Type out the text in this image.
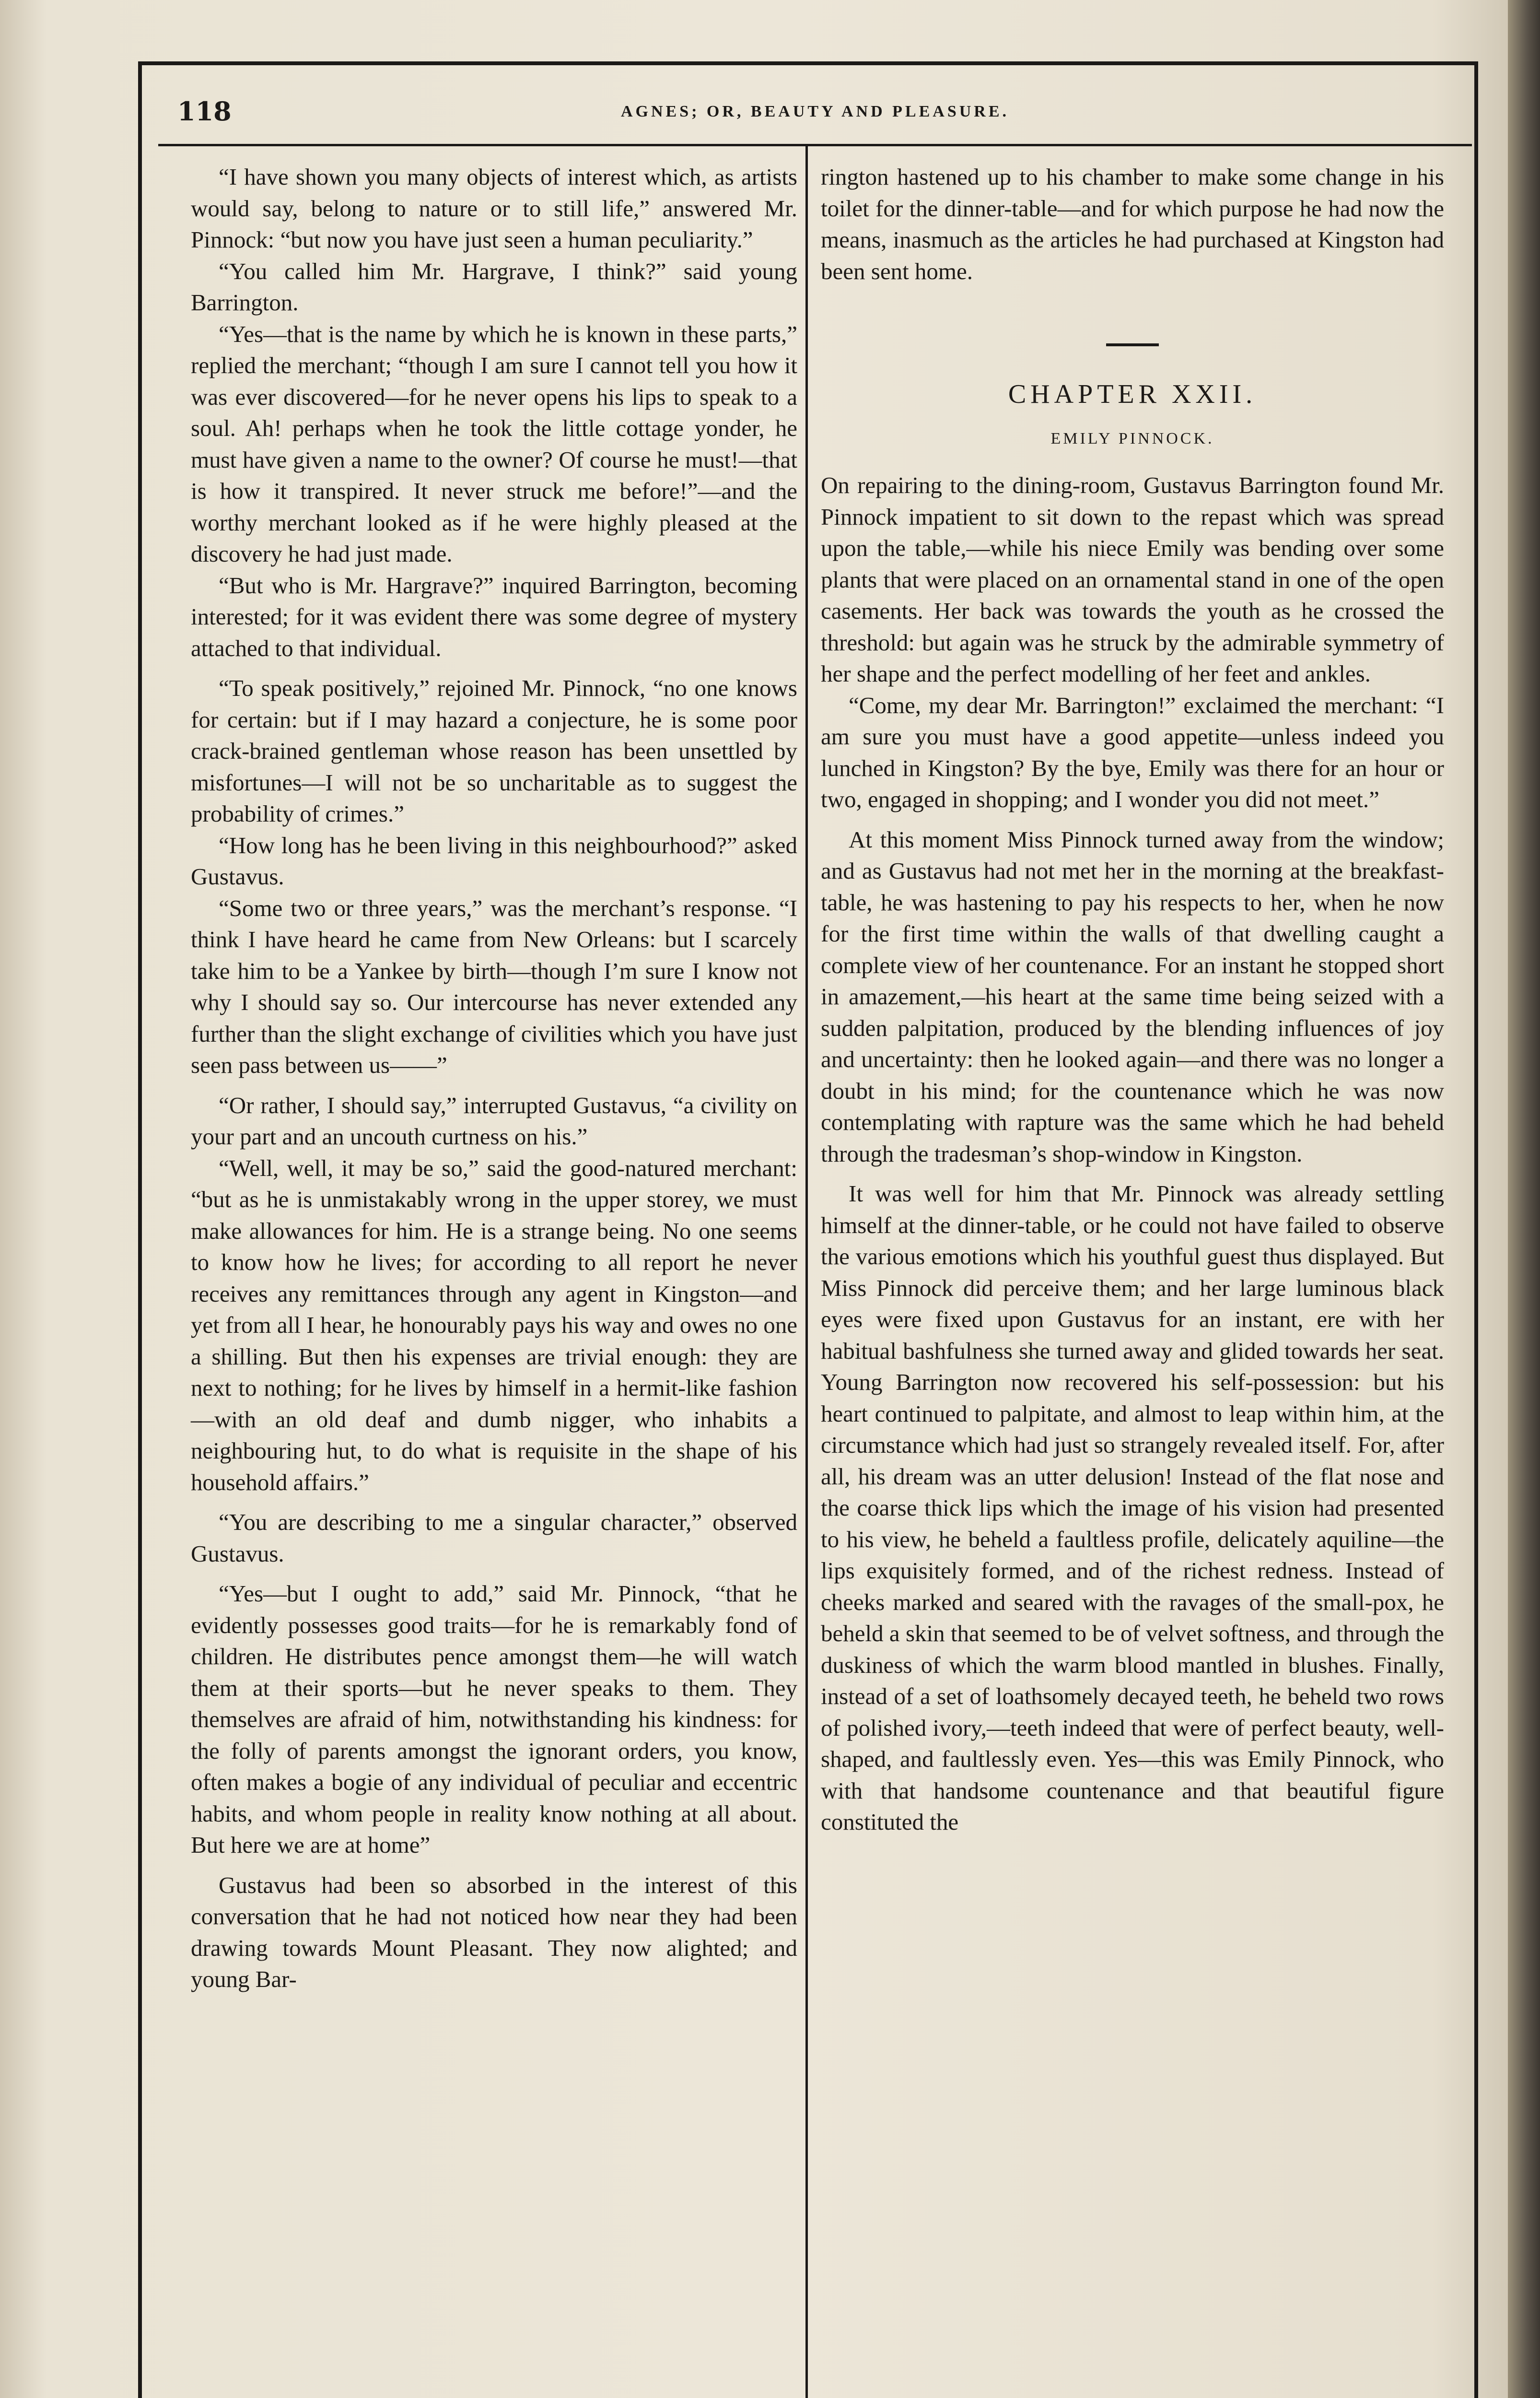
118	AGNES; OR, BEAUTY AND PLEASURE.

“I have shown you many objects of interest which, as artists would say, belong to nature or to still life,” answered Mr. Pinnock: “but now you have just seen a human peculiarity.”

“You called him Mr. Hargrave, I think?” said young Barrington.

“Yes—that is the name by which he is known in these parts,” replied the merchant; “though I am sure I cannot tell you how it was ever discovered—for he never opens his lips to speak to a soul. Ah! perhaps when he took the little cottage yonder, he must have given a name to the owner? Of course he must!—that is how it transpired. It never struck me before!”—and the worthy merchant looked as if he were highly pleased at the discovery he had just made.

“But who is Mr. Hargrave?” inquired Barrington, becoming interested; for it was evident there was some degree of mystery attached to that individual.

“To speak positively,” rejoined Mr. Pinnock, “no one knows for certain: but if I may hazard a conjecture, he is some poor crack-brained gentleman whose reason has been unsettled by misfortunes—I will not be so uncharitable as to suggest the probability of crimes.”

“How long has he been living in this neighbourhood?” asked Gustavus.

“Some two or three years,” was the merchant’s response. “I think I have heard he came from New Orleans: but I scarcely take him to be a Yankee by birth—though I’m sure I know not why I should say so. Our intercourse has never extended any further than the slight exchange of civilities which you have just seen pass between us——”

“Or rather, I should say,” interrupted Gustavus, “a civility on your part and an uncouth curtness on his.”

“Well, well, it may be so,” said the good-natured merchant: “but as he is unmistakably wrong in the upper storey, we must make allowances for him. He is a strange being. No one seems to know how he lives; for according to all report he never receives any remittances through any agent in Kingston—and yet from all I hear, he honourably pays his way and owes no one a shilling. But then his expenses are trivial enough: they are next to nothing; for he lives by himself in a hermit-like fashion—with an old deaf and dumb nigger, who inhabits a neighbouring hut, to do what is requisite in the shape of his household affairs.”

“You are describing to me a singular character,” observed Gustavus.

“Yes—but I ought to add,” said Mr. Pinnock, “that he evidently possesses good traits—for he is remarkably fond of children. He distributes pence amongst them—he will watch them at their sports—but he never speaks to them. They themselves are afraid of him, notwithstanding his kindness: for the folly of parents amongst the ignorant orders, you know, often makes a bogie of any individual of peculiar and eccentric habits, and whom people in reality know nothing at all about. But here we are at home”

Gustavus had been so absorbed in the interest of this conversation that he had not noticed how near they had been drawing towards Mount Pleasant. They now alighted; and young Bar-

rington hastened up to his chamber to make some change in his toilet for the dinner-table—and for which purpose he had now the means, inasmuch as the articles he had purchased at Kingston had been sent home.

CHAPTER XXII.
EMILY PINNOCK.

On repairing to the dining-room, Gustavus Barrington found Mr. Pinnock impatient to sit down to the repast which was spread upon the table,—while his niece Emily was bending over some plants that were placed on an ornamental stand in one of the open casements. Her back was towards the youth as he crossed the threshold: but again was he struck by the admirable symmetry of her shape and the perfect modelling of her feet and ankles.

“Come, my dear Mr. Barrington!” exclaimed the merchant: “I am sure you must have a good appetite—unless indeed you lunched in Kingston? By the bye, Emily was there for an hour or two, engaged in shopping; and I wonder you did not meet.”

At this moment Miss Pinnock turned away from the window; and as Gustavus had not met her in the morning at the breakfast-table, he was hastening to pay his respects to her, when he now for the first time within the walls of that dwelling caught a complete view of her countenance. For an instant he stopped short in amazement,—his heart at the same time being seized with a sudden palpitation, produced by the blending influences of joy and uncertainty: then he looked again—and there was no longer a doubt in his mind; for the countenance which he was now contemplating with rapture was the same which he had beheld through the tradesman’s shop-window in Kingston.

It was well for him that Mr. Pinnock was already settling himself at the dinner-table, or he could not have failed to observe the various emotions which his youthful guest thus displayed. But Miss Pinnock did perceive them; and her large luminous black eyes were fixed upon Gustavus for an instant, ere with her habitual bashfulness she turned away and glided towards her seat. Young Barrington now recovered his self-possession: but his heart continued to palpitate, and almost to leap within him, at the circumstance which had just so strangely revealed itself. For, after all, his dream was an utter delusion! Instead of the flat nose and the coarse thick lips which the image of his vision had presented to his view, he beheld a faultless profile, delicately aquiline—the lips exquisitely formed, and of the richest redness. Instead of cheeks marked and seared with the ravages of the small-pox, he beheld a skin that seemed to be of velvet softness, and through the duskiness of which the warm blood mantled in blushes. Finally, instead of a set of loathsomely decayed teeth, he beheld two rows of polished ivory,—teeth indeed that were of perfect beauty, well-shaped, and faultlessly even. Yes—this was Emily Pinnock, who with that handsome countenance and that beautiful figure constituted the
